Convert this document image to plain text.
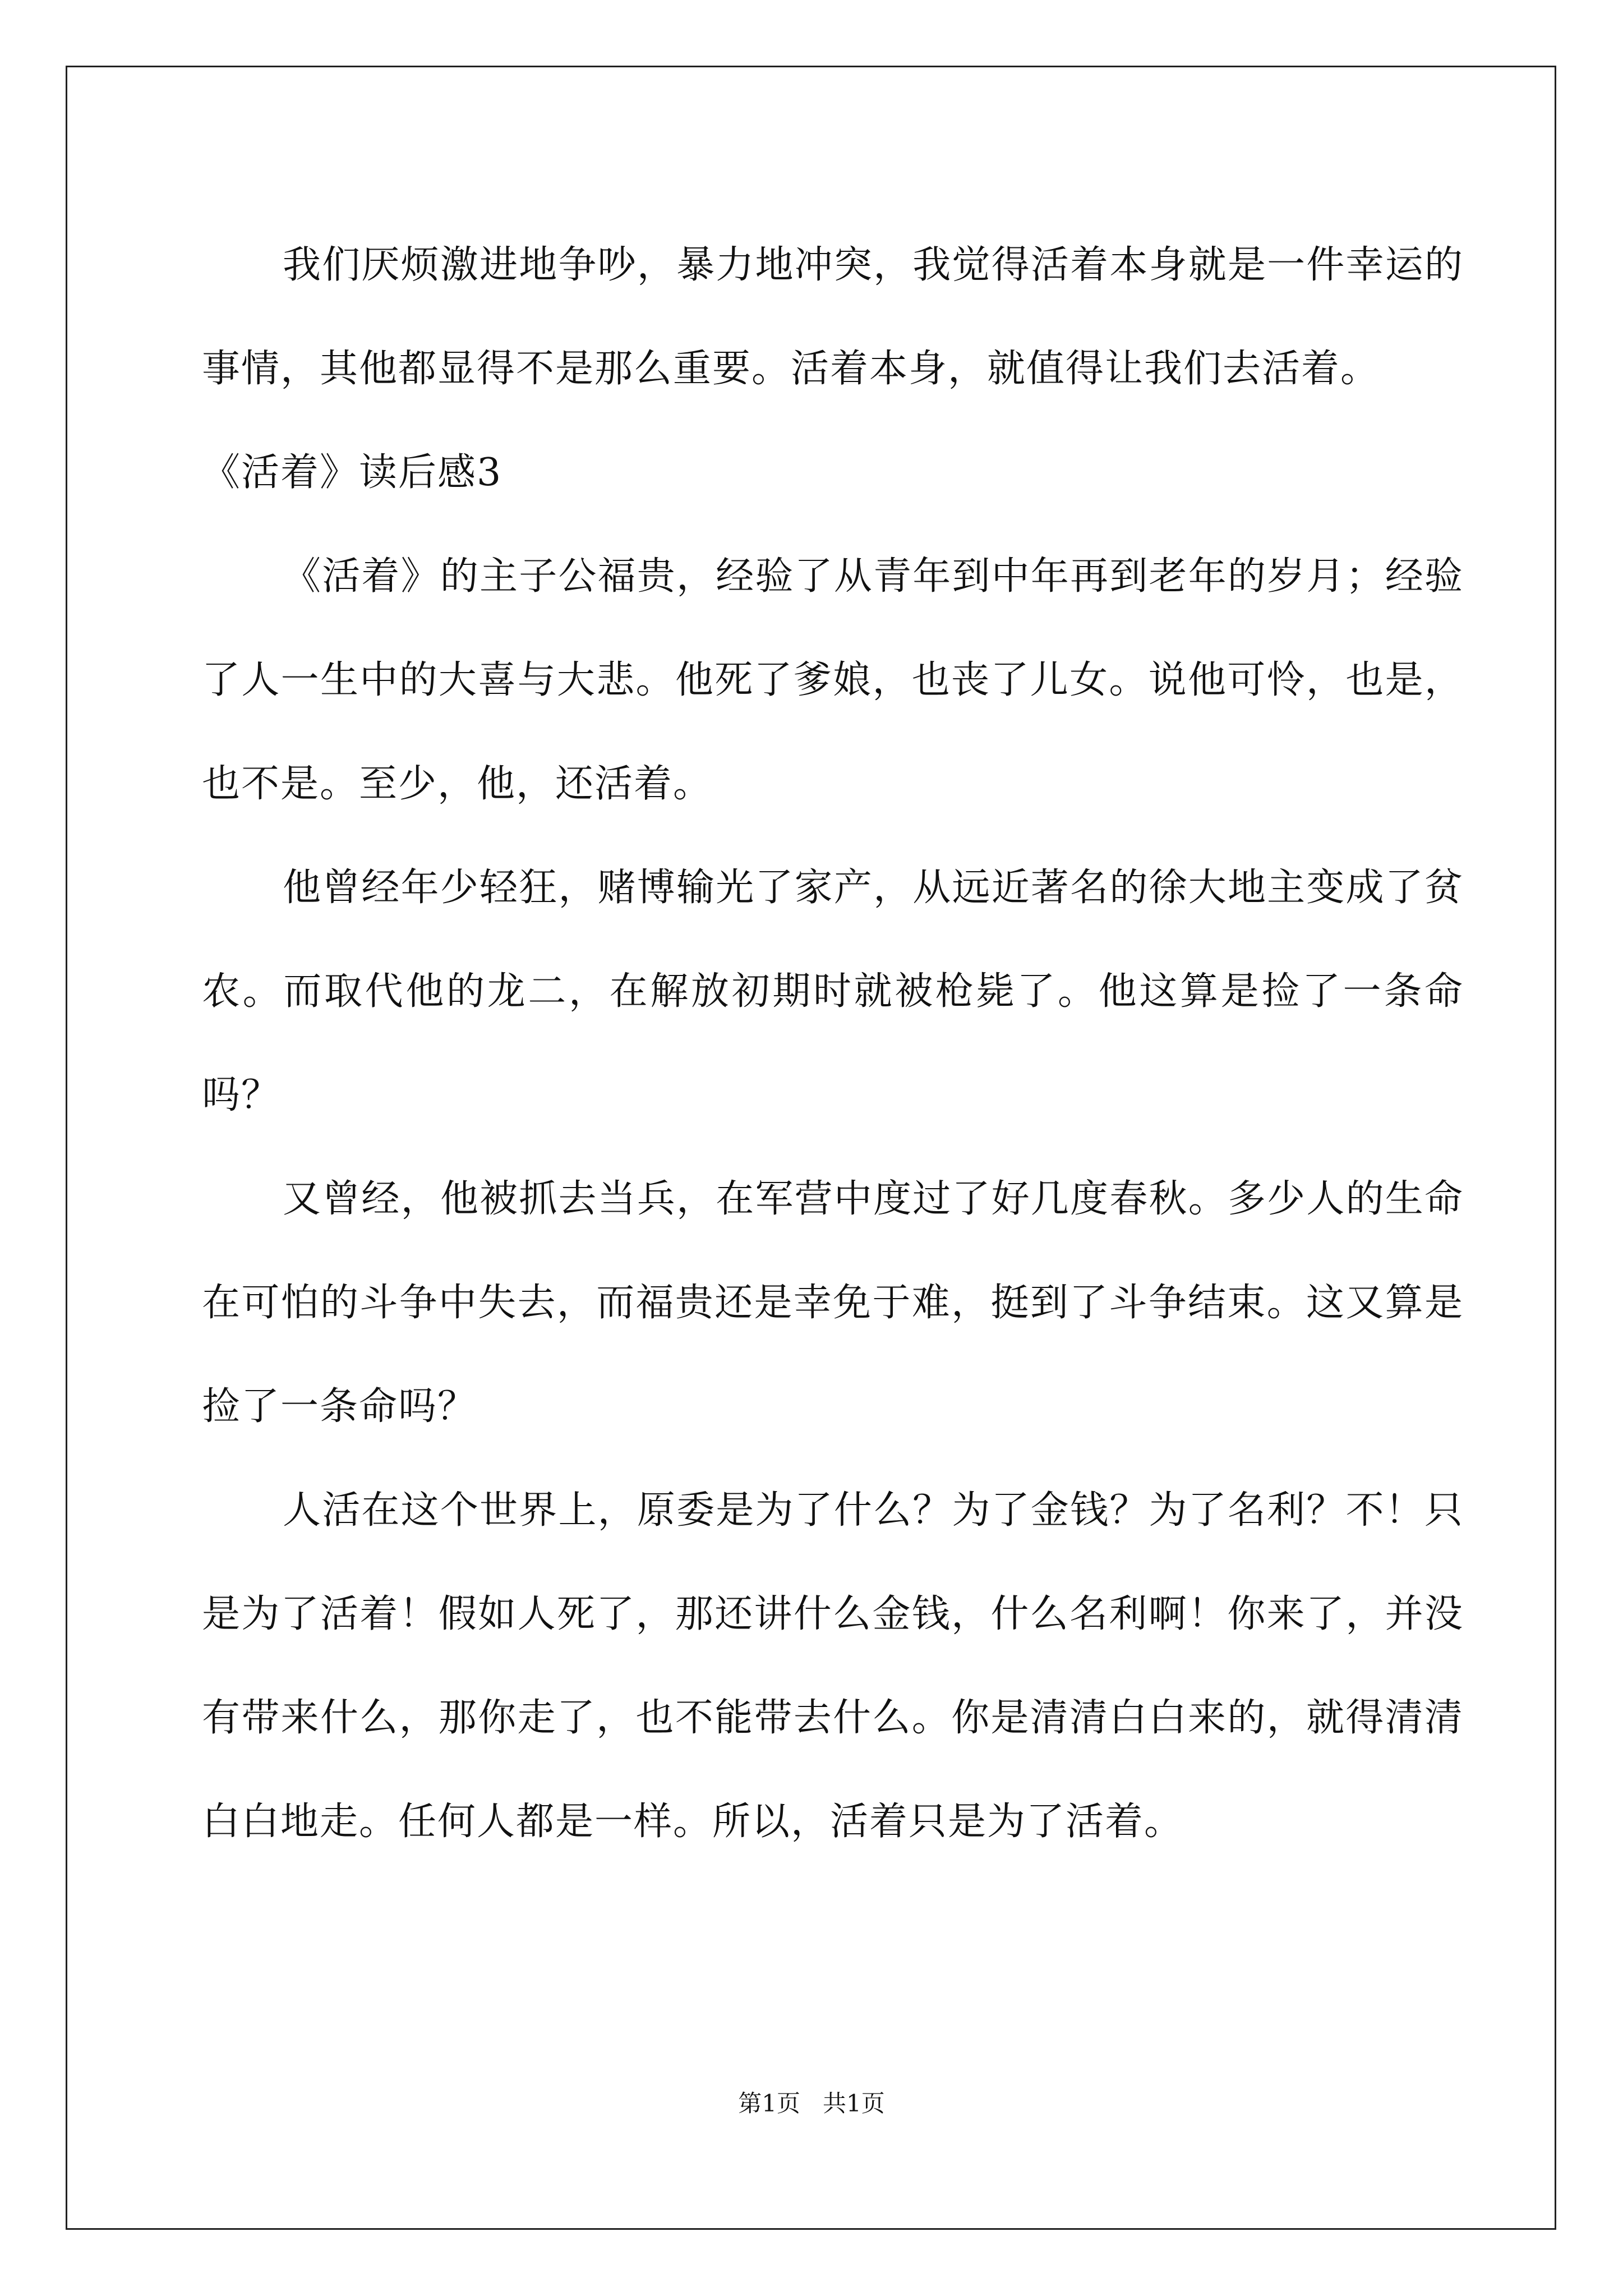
我们厌烦激进地争吵，暴力地冲突，我觉得活着本身就是一件幸运的事情，其他都显得不是那么重要。活着本身，就值得让我们去活着。

《活着》读后感3

《活着》的主子公福贵，经验了从青年到中年再到老年的岁月；经验了人一生中的大喜与大悲。他死了爹娘，也丧了儿女。说他可怜，也是，也不是。至少，他，还活着。

他曾经年少轻狂，赌博输光了家产，从远近著名的徐大地主变成了贫农。而取代他的龙二，在解放初期时就被枪毙了。他这算是捡了一条命吗？

又曾经，他被抓去当兵，在军营中度过了好几度春秋。多少人的生命在可怕的斗争中失去，而福贵还是幸免于难，挺到了斗争结束。这又算是捡了一条命吗？

人活在这个世界上，原委是为了什么？为了金钱？为了名利？不！只是为了活着！假如人死了，那还讲什么金钱，什么名利啊！你来了，并没有带来什么，那你走了，也不能带去什么。你是清清白白来的，就得清清白白地走。任何人都是一样。所以，活着只是为了活着。

第1页 共1页
